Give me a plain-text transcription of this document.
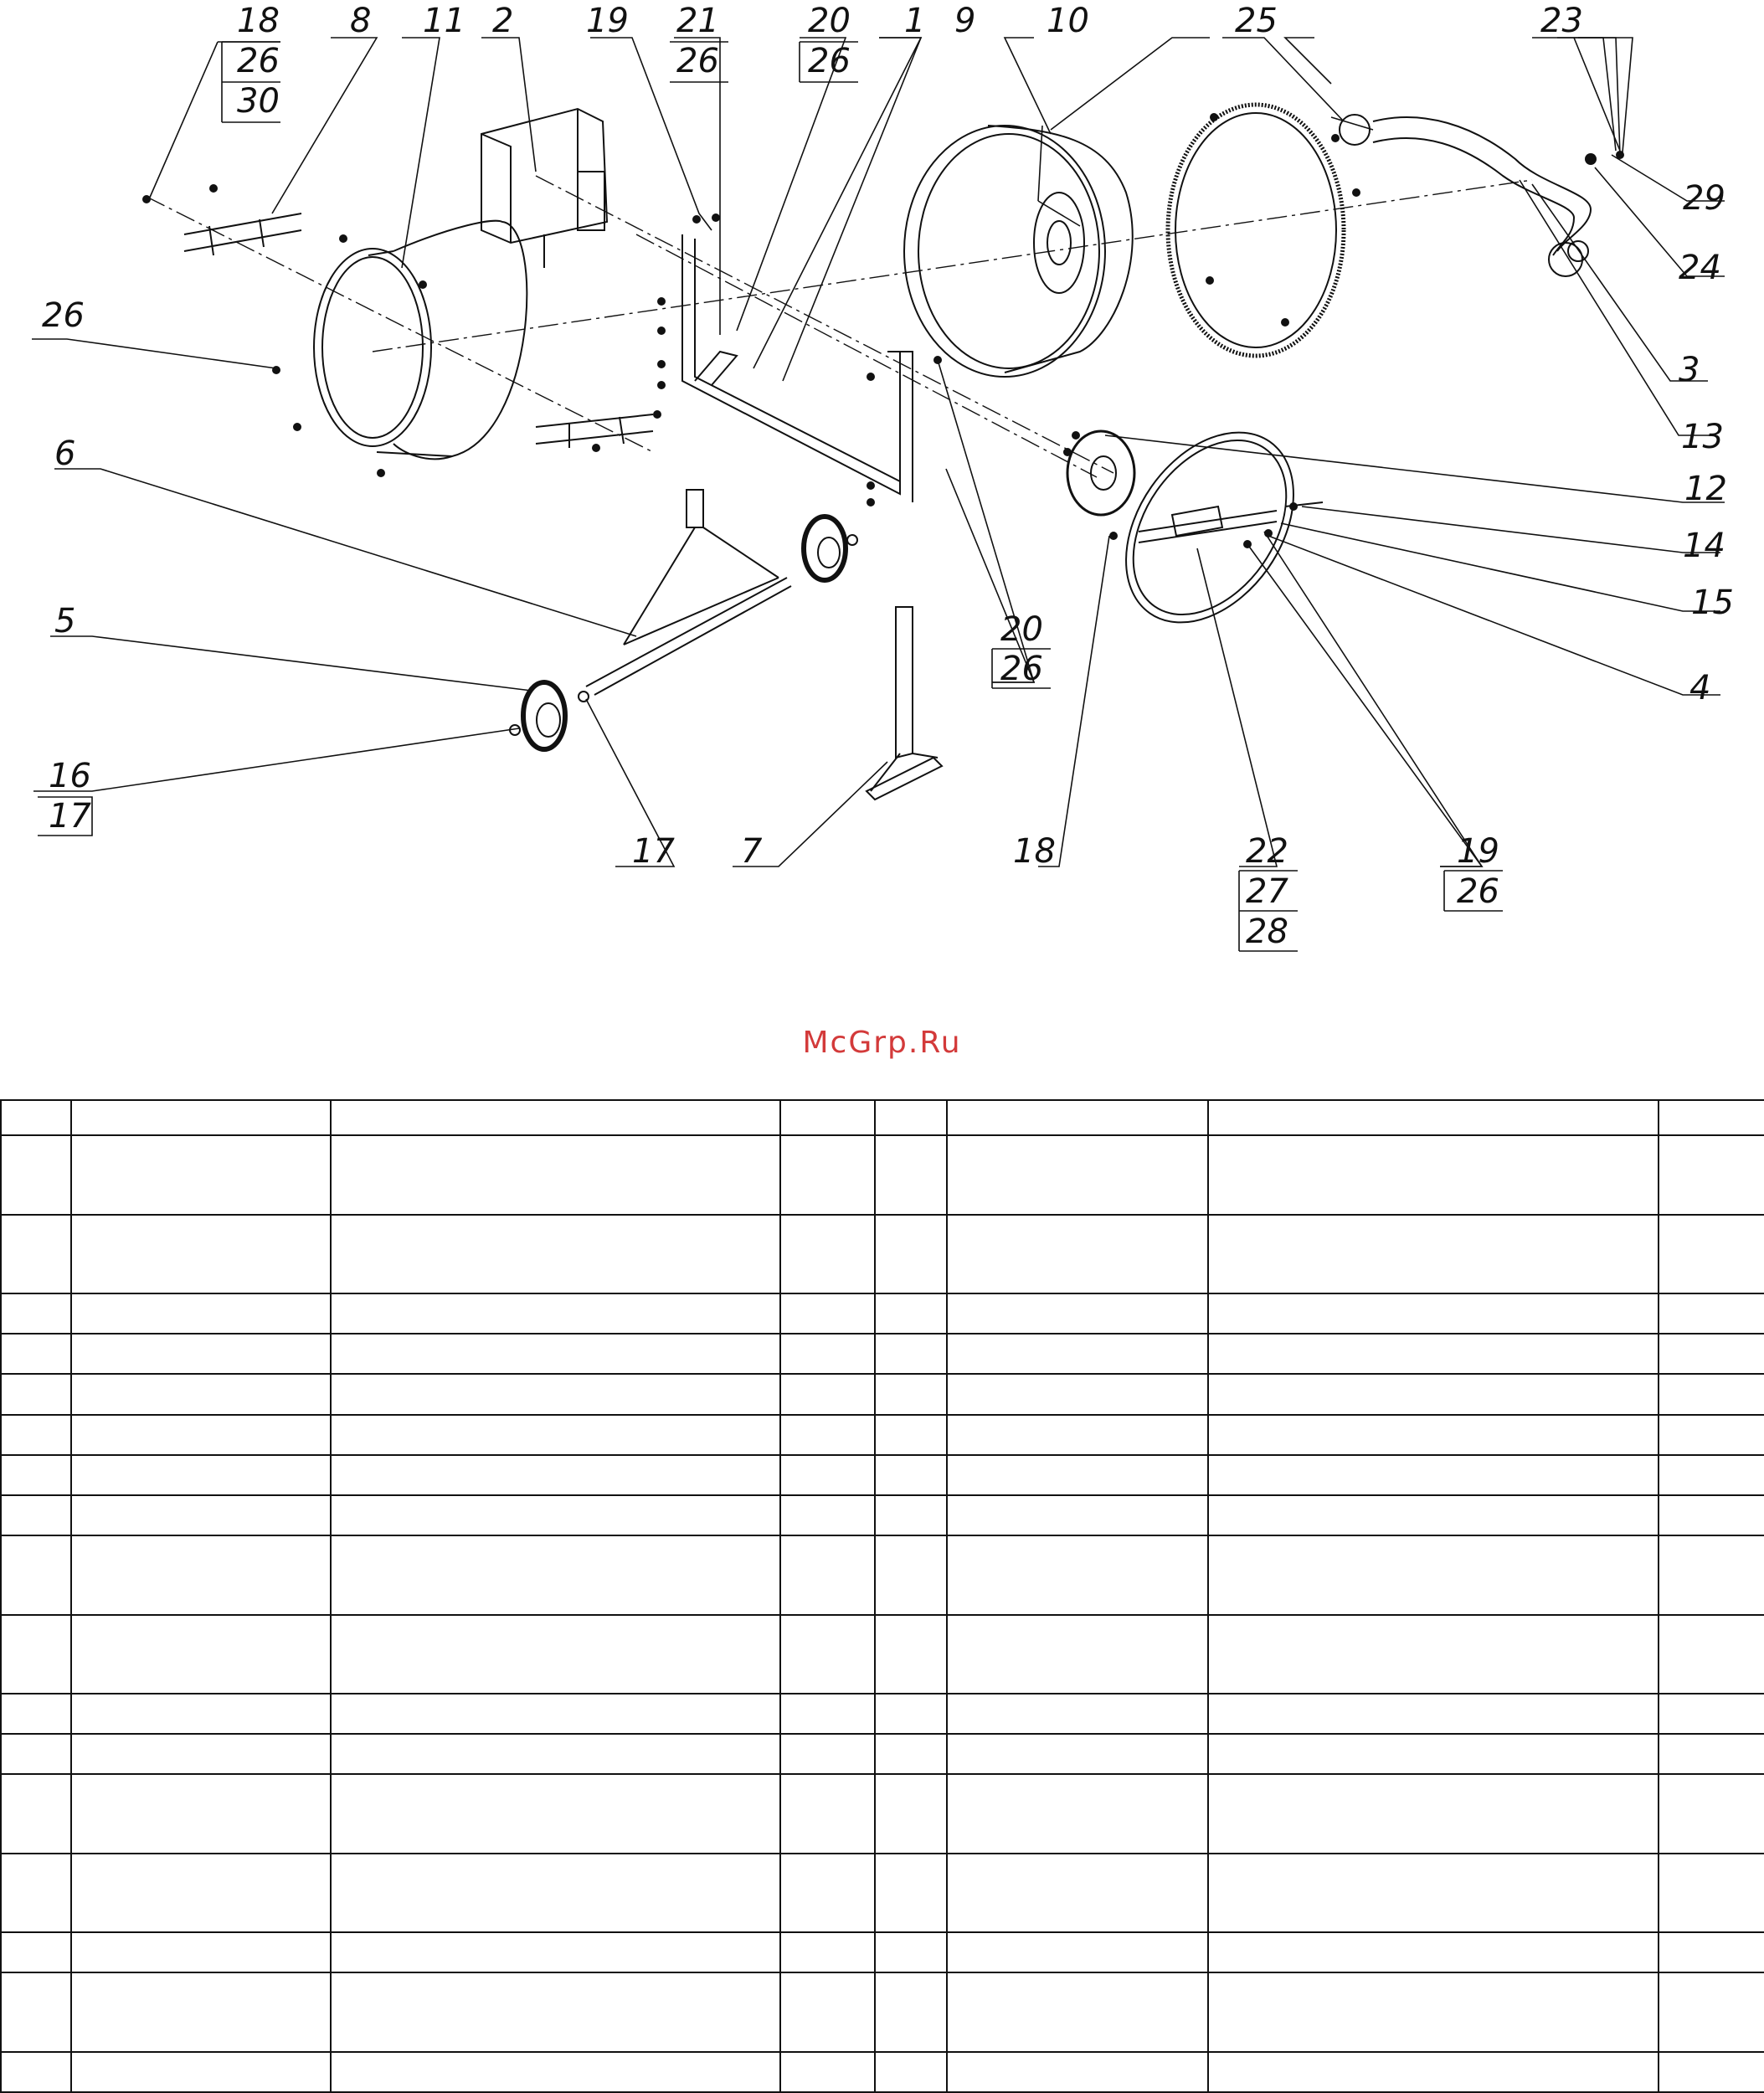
18
26
30
8 11 2 19 21
26
20
26
1 9 10	25	23
29
24
3
13
12
14
15
4
26
6
5
16
17
17 7
20
26
18	22
27
28
19
26
McGrp.Ru
